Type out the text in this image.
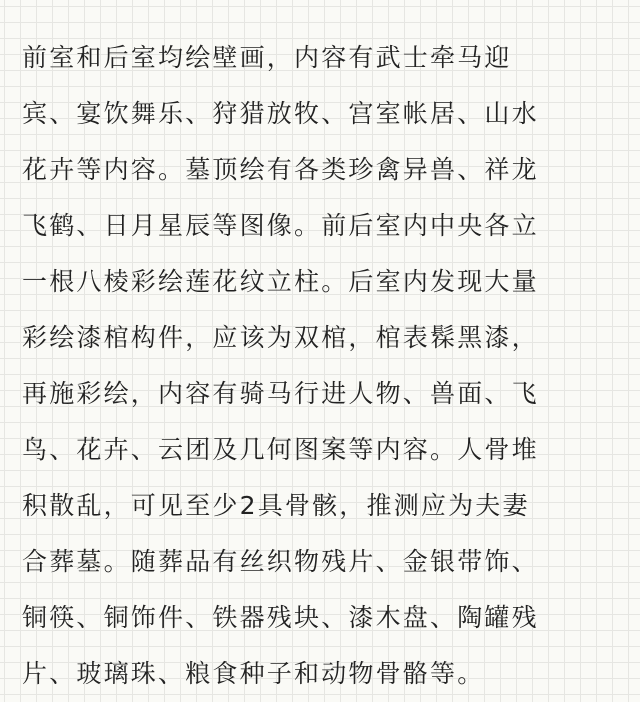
前室和后室均绘壁画，内容有武士牵马迎
宾、宴饮舞乐、狩猎放牧、宫室帐居、山水
花卉等内容。墓顶绘有各类珍禽异兽、祥龙
飞鹤、日月星辰等图像。前后室内中央各立
一根八棱彩绘莲花纹立柱。后室内发现大量
彩绘漆棺构件，应该为双棺，棺表髹黑漆，
再施彩绘，内容有骑马行进人物、兽面、飞
鸟、花卉、云团及几何图案等内容。人骨堆
积散乱，可见至少2具骨骸，推测应为夫妻
合葬墓。随葬品有丝织物残片、金银带饰、
铜筷、铜饰件、铁器残块、漆木盘、陶罐残
片、玻璃珠、粮食种子和动物骨骼等。
